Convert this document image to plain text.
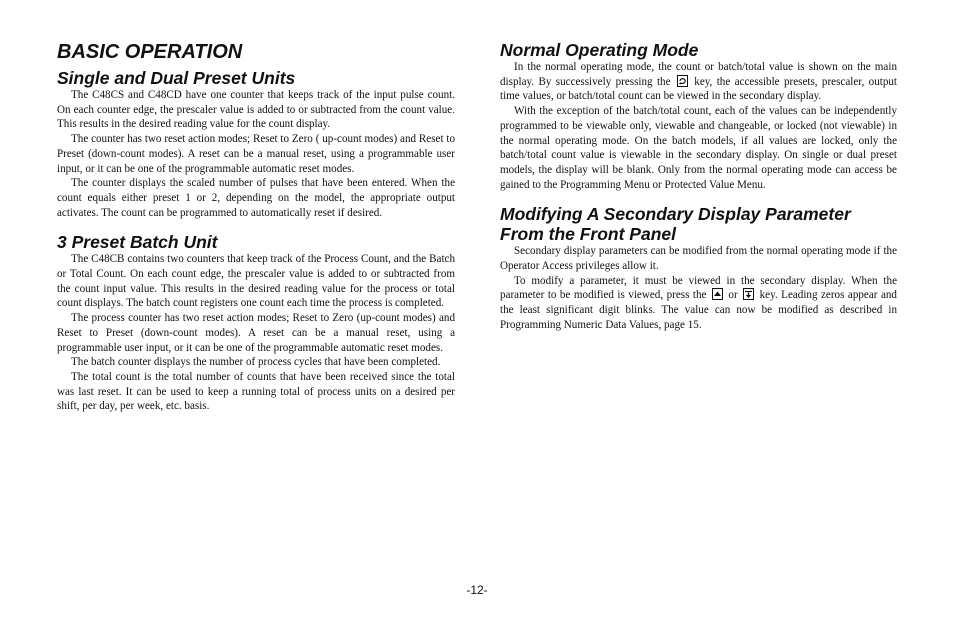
BASIC OPERATION
Single and Dual Preset Units

The C48CS and C48CD have one counter that keeps track of the input pulse count. On each counter edge, the prescaler value is added to or subtracted from the count value. This results in the desired reading value for the count display.

The counter has two reset action modes; Reset to Zero ( up-count modes) and Reset to Preset (down-count modes). A reset can be a manual reset, using a programmable user input, or it can be one of the programmable automatic reset modes.

The counter displays the scaled number of pulses that have been entered. When the count equals either preset 1 or 2, depending on the model, the appropriate output activates. The count can be programmed to automatically reset if desired.

3 Preset Batch Unit

The C48CB contains two counters that keep track of the Process Count, and the Batch or Total Count. On each count edge, the prescaler value is added to or subtracted from the count input value. This results in the desired reading value for the process or total count displays. The batch count registers one count each time the process is completed.

The process counter has two reset action modes; Reset to Zero (up-count modes) and Reset to Preset (down-count modes). A reset can be a manual reset, using a programmable user input, or it can be one of the programmable automatic reset modes.

The batch counter displays the number of process cycles that have been completed.

The total count is the total number of counts that have been received since the total was last reset. It can be used to keep a running total of process units on a desired per shift, per day, per week, etc. basis.

Normal Operating Mode

In the normal operating mode, the count or batch/total value is shown on the main display. By successively pressing the key, the accessible presets, prescaler, output time values, or batch/total count can be viewed in the secondary display.

With the exception of the batch/total count, each of the values can be independently programmed to be viewable only, viewable and changeable, or locked (not viewable) in the normal operating mode. On the batch models, if all values are locked, only the batch/total count value is viewable in the secondary display. On single or dual preset models, the display will be blank. Only from the normal operating mode can access be gained to the Programming Menu or Protected Value Menu.

Modifying A Secondary Display Parameter
From the Front Panel

Secondary display parameters can be modified from the normal operating mode if the Operator Access privileges allow it.

To modify a parameter, it must be viewed in the secondary display. When the parameter to be modified is viewed, press the or key. Leading zeros appear and the least significant digit blinks. The value can now be modified as described in Programming Numeric Data Values, page 15.

-12-
